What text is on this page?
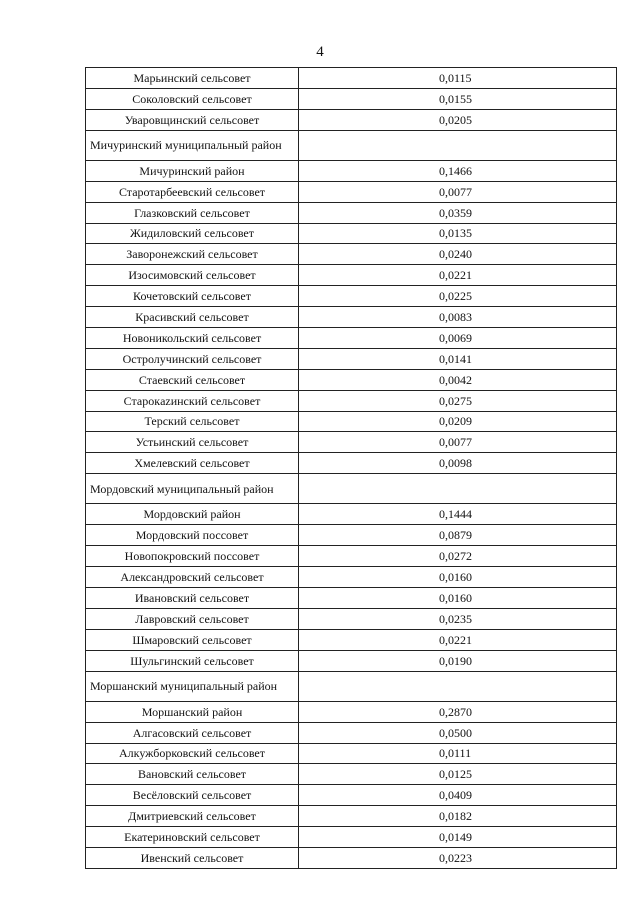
4
Марьинский сельсовет	0,0115
Соколовский сельсовет	0,0155
Уваровщинский сельсовет	0,0205
Мичуринский муниципальный район	
Мичуринский район	0,1466
Старотарбеевский сельсовет	0,0077
Глазковский сельсовет	0,0359
Жидиловский сельсовет	0,0135
Заворонежский сельсовет	0,0240
Изосимовский сельсовет	0,0221
Кочетовский сельсовет	0,0225
Красивский сельсовет	0,0083
Новоникольский сельсовет	0,0069
Остролучинский сельсовет	0,0141
Стаевский сельсовет	0,0042
Старокazинский сельсовет	0,0275
Терский сельсовет	0,0209
Устьинский сельсовет	0,0077
Хмелевский сельсовет	0,0098
Мордовский муниципальный район	
Мордовский район	0,1444
Мордовский поссовет	0,0879
Новопокровский поссовет	0,0272
Александровский сельсовет	0,0160
Ивановский сельсовет	0,0160
Лавровский сельсовет	0,0235
Шмаровский сельсовет	0,0221
Шульгинский сельсовет	0,0190
Моршанский муниципальный район	
Моршанский район	0,2870
Алгасовский сельсовет	0,0500
Алкужборковский сельсовет	0,0111
Вановский сельсовет	0,0125
Весёловский сельсовет	0,0409
Дмитриевский сельсовет	0,0182
Екатериновский сельсовет	0,0149
Ивенский сельсовет	0,0223
